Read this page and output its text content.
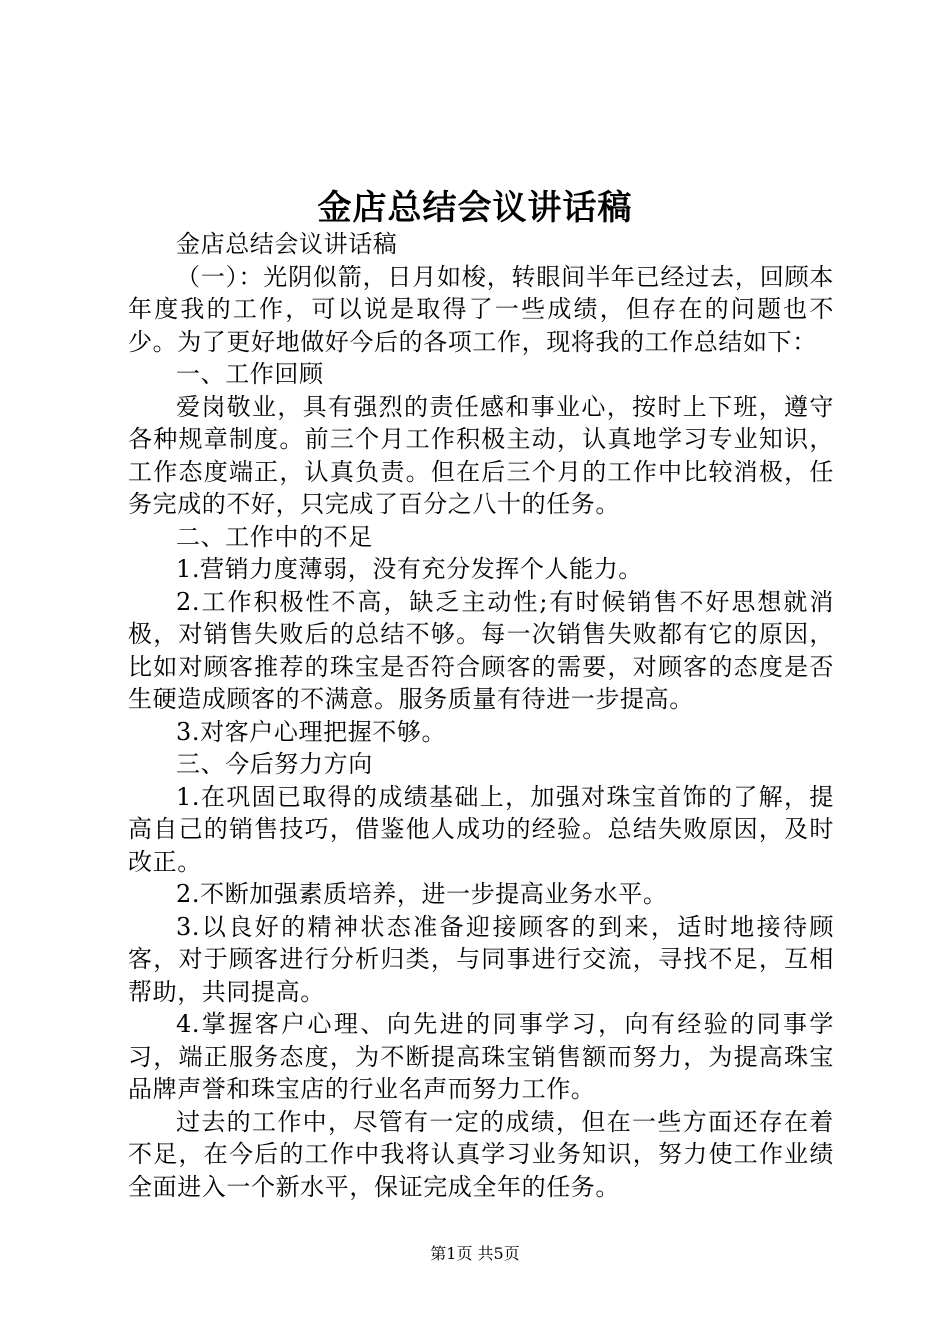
金店总结会议讲话稿

金店总结会议讲话稿

（一）：光阴似箭，日月如梭，转眼间半年已经过去，回顾本年度我的工作，可以说是取得了一些成绩，但存在的问题也不少。为了更好地做好今后的各项工作，现将我的工作总结如下：

一、工作回顾

爱岗敬业，具有强烈的责任感和事业心，按时上下班，遵守各种规章制度。前三个月工作积极主动，认真地学习专业知识，工作态度端正，认真负责。但在后三个月的工作中比较消极，任务完成的不好，只完成了百分之八十的任务。

二、工作中的不足

1.营销力度薄弱，没有充分发挥个人能力。

2.工作积极性不高，缺乏主动性;有时候销售不好思想就消极，对销售失败后的总结不够。每一次销售失败都有它的原因，比如对顾客推荐的珠宝是否符合顾客的需要，对顾客的态度是否生硬造成顾客的不满意。服务质量有待进一步提高。

3.对客户心理把握不够。

三、今后努力方向

1.在巩固已取得的成绩基础上，加强对珠宝首饰的了解，提高自己的销售技巧，借鉴他人成功的经验。总结失败原因，及时改正。

2.不断加强素质培养，进一步提高业务水平。

3.以良好的精神状态准备迎接顾客的到来，适时地接待顾客，对于顾客进行分析归类，与同事进行交流，寻找不足，互相帮助，共同提高。

4.掌握客户心理、向先进的同事学习，向有经验的同事学习，端正服务态度，为不断提高珠宝销售额而努力，为提高珠宝品牌声誉和珠宝店的行业名声而努力工作。

过去的工作中，尽管有一定的成绩，但在一些方面还存在着不足，在今后的工作中我将认真学习业务知识，努力使工作业绩全面进入一个新水平，保证完成全年的任务。

第1页 共5页
